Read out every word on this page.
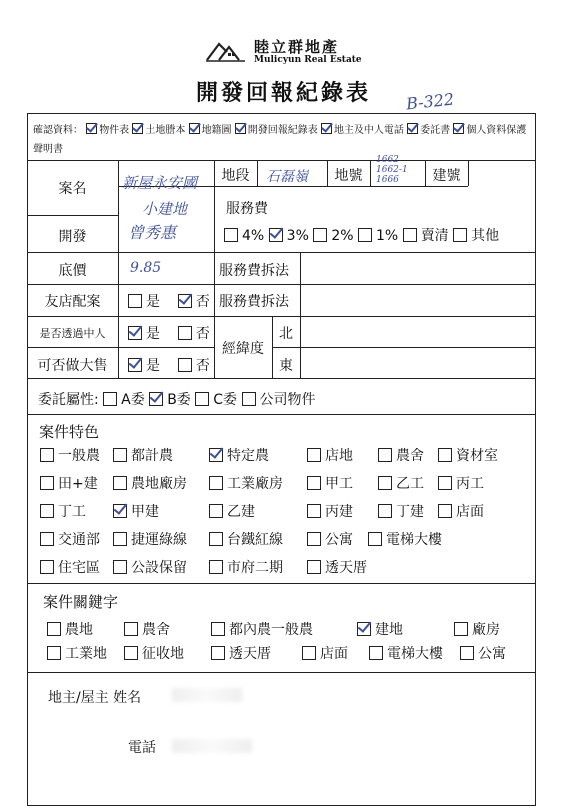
睦立群地產
Mulicyun Real Estate
開發回報紀錄表 B-322
確認資料： 物件表 土地謄本 地籍圖 開發回報紀錄表 地主及中人電話 委託書 個人資料保護聲明書
案名	新屋永安國
小建地
地段	石磊嶺	地號
1662
1662-1
1666	建號
服務費
4% 3% 2% 1% 賣清 其他
開發	曾秀惠
底價	9.85	服務費拆法
友店配案	是	否 服務費拆法
是否透過中人	是	否
可否做大售	是	否
經緯度
北
東
委託屬性: A委 B委 C委 公司物件
案件特色
一般農	都計農	特定農	店地	農舍	資材室
田+建	農地廠房	工業廠房	甲工	乙工	丙工
丁工	甲建	乙建	丙建	丁建	店面
交通部	捷運綠線	台鐵紅線	公寓	電梯大樓
住宅區	公設保留	市府二期	透天厝
案件關鍵字
農地	農舍	都內農一般農	建地	廠房
工業地	征收地	透天厝	店面	電梯大樓	公寓
地主/屋主 姓名
電話
